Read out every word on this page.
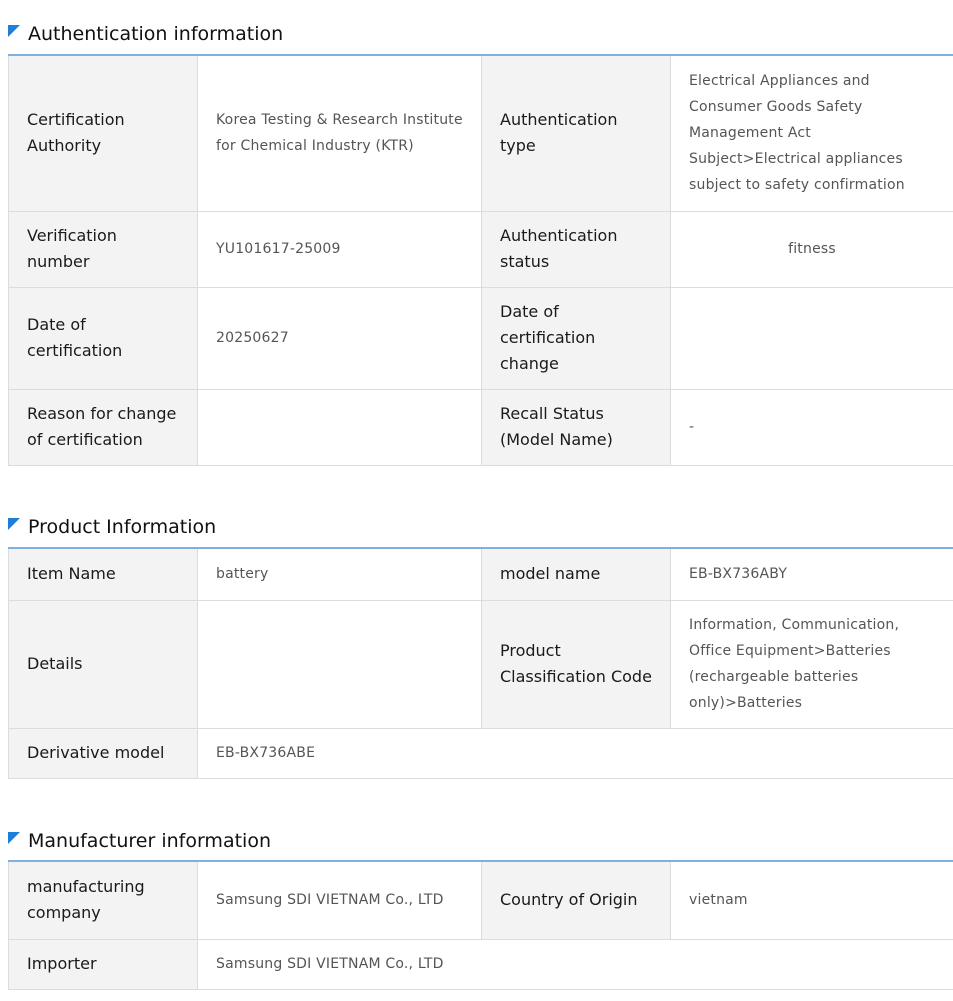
Authentication information
Certification Authority	Korea Testing & Research Institute for Chemical Industry (KTR)	Authentication type	Electrical Appliances and Consumer Goods Safety Management Act Subject>Electrical appliances subject to safety confirmation
Verification number	YU101617-25009	Authentication status	fitness
Date of certification	20250627	Date of certification change	
Reason for change of certification		Recall Status (Model Name)	-
Product Information
Item Name	battery	model name	EB-BX736ABY
Details		Product Classification Code	Information, Communication, Office Equipment>Batteries (rechargeable batteries only)>Batteries
Derivative model	EB-BX736ABE		
Manufacturer information
manufacturing company	Samsung SDI VIETNAM Co., LTD	Country of Origin	vietnam
Importer	Samsung SDI VIETNAM Co., LTD		
